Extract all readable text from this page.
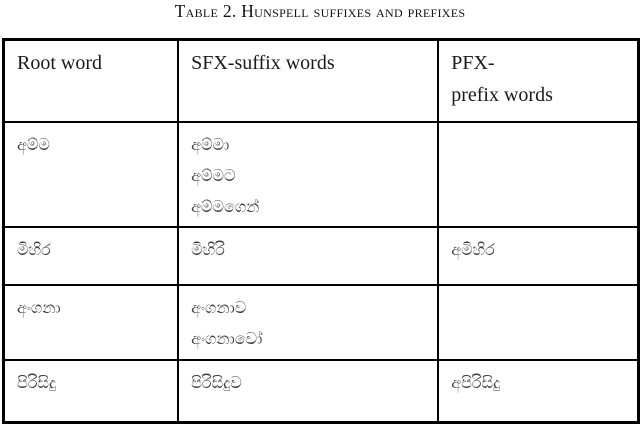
Table 2. Hunspell suffixes and prefixes
Root word	SFX-suffix words	PFX-
prefix words

අම්ම	අම්මා
අම්මට
අම්මගෙන්	

මිහිර	මිහිරි	අමිහිර

අංගනා	අංගනාව
අංගනාවෝ	

පිරිසිදු	පිරිසිදුව	අපිරිසිදු
